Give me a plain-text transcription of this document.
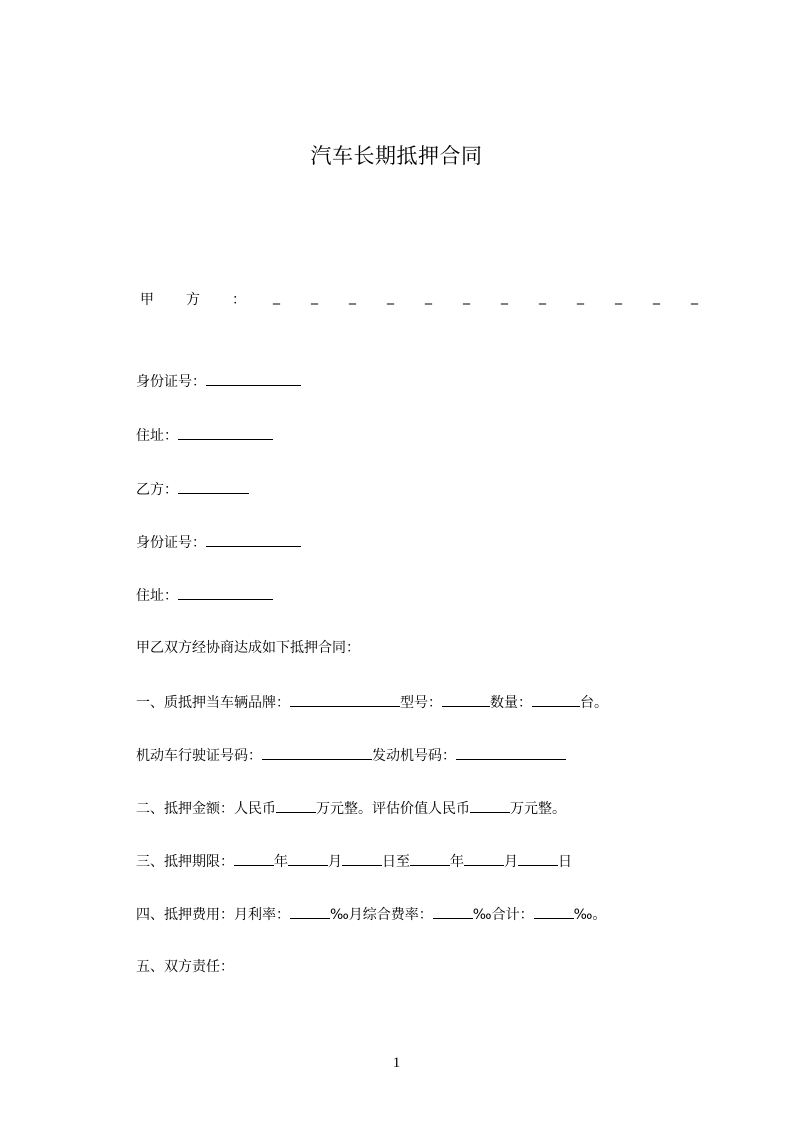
汽车长期抵押合同
甲 方 ： _ _ _ _ _ _ _ _ _ _ _ _
身份证号：
住址：
乙方：
身份证号：
住址：
甲乙双方经协商达成如下抵押合同：
一、质抵押当车辆品牌：	型号：	数量：	台。
机动车行驶证号码：	发动机号码：
二、抵押金额：人民币	万元整。评估价值人民币	万元整。
三、抵押期限：	年	月	日至	年	月	日
四、抵押费用：月利率：	‰月综合费率：	‰合计：	‰。
五、双方责任：
1
